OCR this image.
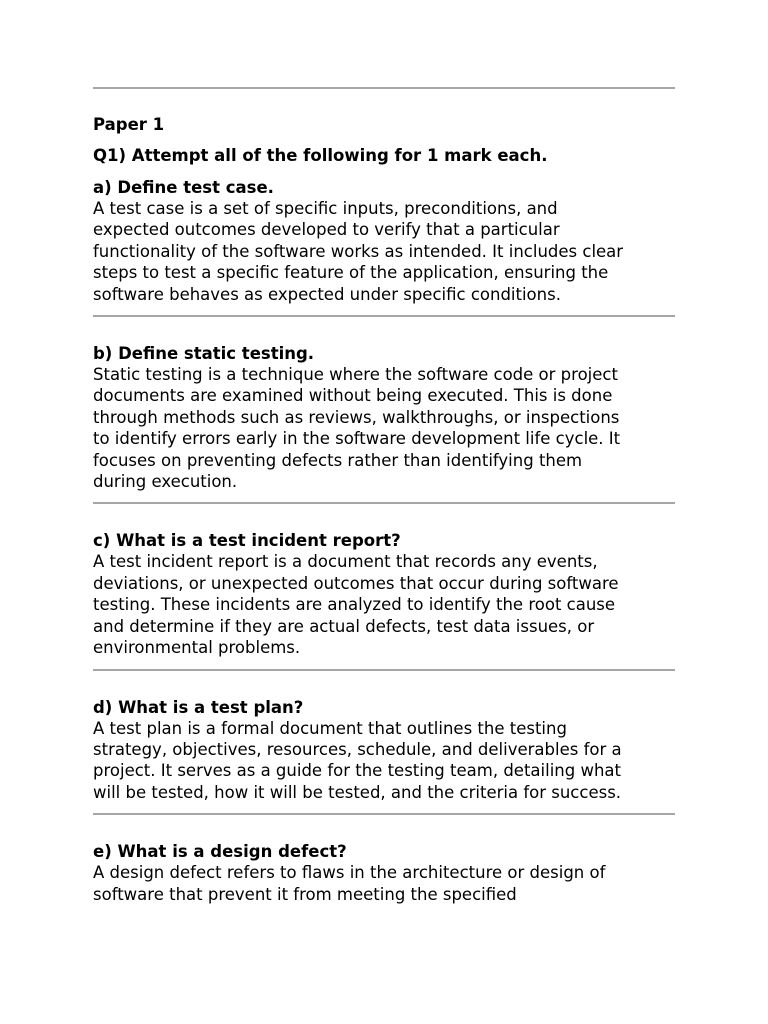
Paper 1
Q1) Attempt all of the following for 1 mark each.
a) Define test case.
A test case is a set of specific inputs, preconditions, and
expected outcomes developed to verify that a particular
functionality of the software works as intended. It includes clear
steps to test a specific feature of the application, ensuring the
software behaves as expected under specific conditions.
b) Define static testing.
Static testing is a technique where the software code or project
documents are examined without being executed. This is done
through methods such as reviews, walkthroughs, or inspections
to identify errors early in the software development life cycle. It
focuses on preventing defects rather than identifying them
during execution.
c) What is a test incident report?
A test incident report is a document that records any events,
deviations, or unexpected outcomes that occur during software
testing. These incidents are analyzed to identify the root cause
and determine if they are actual defects, test data issues, or
environmental problems.
d) What is a test plan?
A test plan is a formal document that outlines the testing
strategy, objectives, resources, schedule, and deliverables for a
project. It serves as a guide for the testing team, detailing what
will be tested, how it will be tested, and the criteria for success.
e) What is a design defect?
A design defect refers to flaws in the architecture or design of
software that prevent it from meeting the specified
